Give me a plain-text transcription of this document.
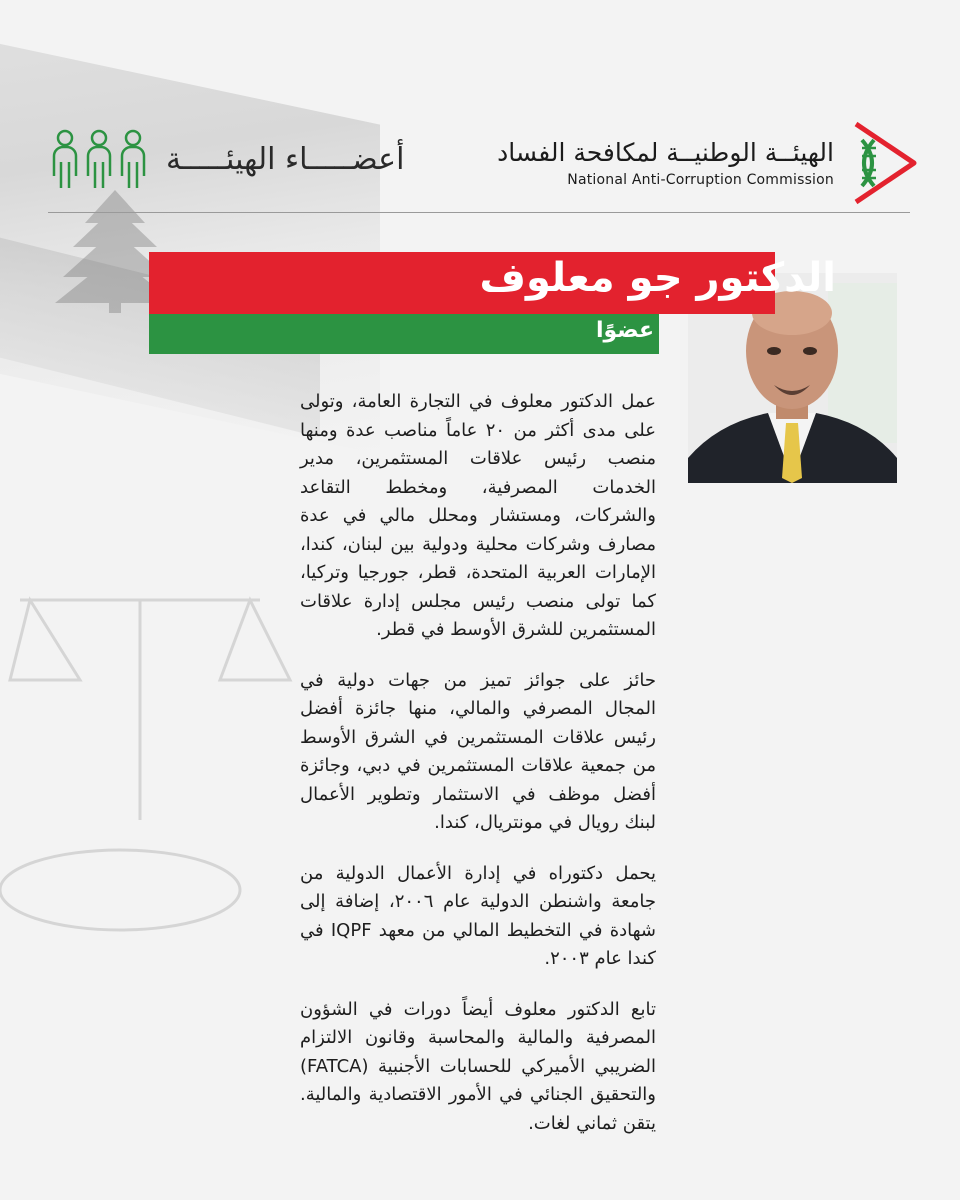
الهيئــة الوطنيــة لمكافحة الفساد
National Anti-Corruption Commission
أعضـــــاء الهيئـــــة
الدكتور جو معلوف
عضوًا

عمل الدكتور معلوف في التجارة العامة، وتولى على مدى أكثر من ٢٠ عاماً مناصب عدة ومنها منصب رئيس علاقات المستثمرين، مدير الخدمات المصرفية، ومخطط التقاعد والشركات، ومستشار ومحلل مالي في عدة مصارف وشركات محلية ودولية بين لبنان، كندا، الإمارات العربية المتحدة، قطر، جورجيا وتركيا، كما تولى منصب رئيس مجلس إدارة علاقات المستثمرين للشرق الأوسط في قطر.

حائز على جوائز تميز من جهات دولية في المجال المصرفي والمالي، منها جائزة أفضل رئيس علاقات المستثمرين في الشرق الأوسط من جمعية علاقات المستثمرين في دبي، وجائزة أفضل موظف في الاستثمار وتطوير الأعمال لبنك رويال في مونتريال، كندا.

يحمل دكتوراه في إدارة الأعمال الدولية من جامعة واشنطن الدولية عام ٢٠٠٦، إضافة إلى شهادة في التخطيط المالي من معهد IQPF في كندا عام ٢٠٠٣.

تابع الدكتور معلوف أيضاً دورات في الشؤون المصرفية والمالية والمحاسبة وقانون الالتزام الضريبي الأميركي للحسابات الأجنبية (FATCA) والتحقيق الجنائي في الأمور الاقتصادية والمالية. يتقن ثماني لغات.
